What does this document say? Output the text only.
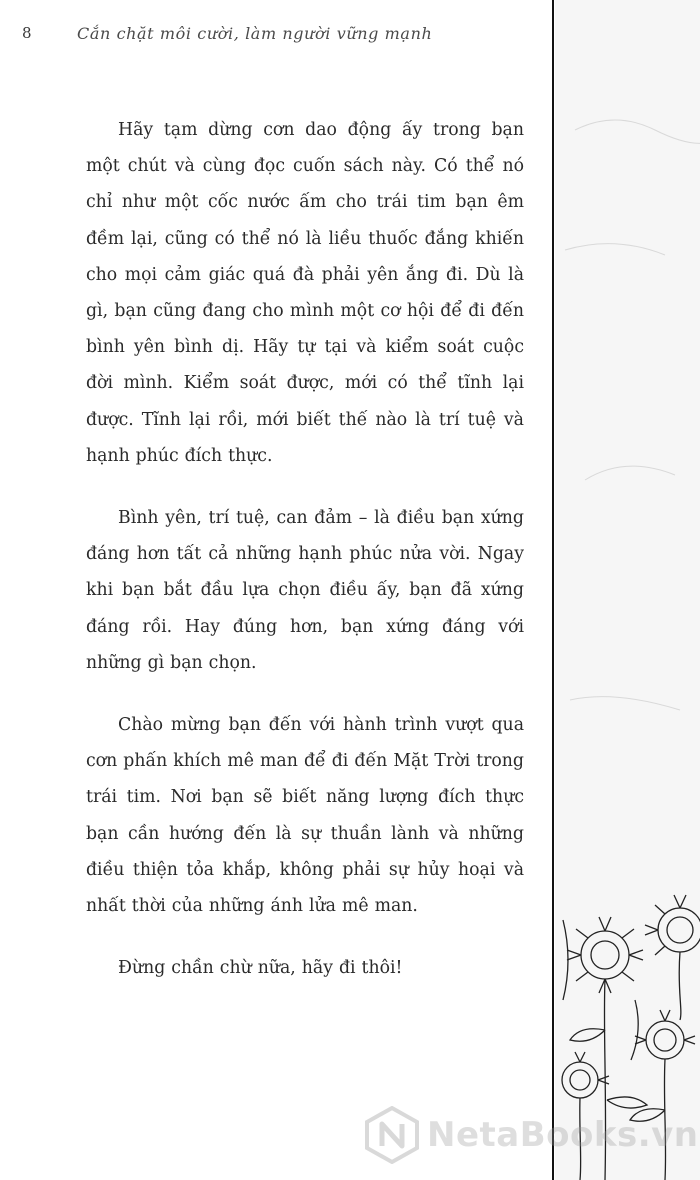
8	Cắn chặt môi cười, làm người vững mạnh

Hãy tạm dừng cơn dao động ấy trong bạn một chút và cùng đọc cuốn sách này. Có thể nó chỉ như một cốc nước ấm cho trái tim bạn êm đềm lại, cũng có thể nó là liều thuốc đắng khiến cho mọi cảm giác quá đà phải yên ắng đi. Dù là gì, bạn cũng đang cho mình một cơ hội để đi đến bình yên bình dị. Hãy tự tại và kiểm soát cuộc đời mình. Kiểm soát được, mới có thể tĩnh lại được. Tĩnh lại rồi, mới biết thế nào là trí tuệ và hạnh phúc đích thực.

Bình yên, trí tuệ, can đảm – là điều bạn xứng đáng hơn tất cả những hạnh phúc nửa vời. Ngay khi bạn bắt đầu lựa chọn điều ấy, bạn đã xứng đáng rồi. Hay đúng hơn, bạn xứng đáng với những gì bạn chọn.

Chào mừng bạn đến với hành trình vượt qua cơn phấn khích mê man để đi đến Mặt Trời trong trái tim. Nơi bạn sẽ biết năng lượng đích thực bạn cần hướng đến là sự thuần lành và những điều thiện tỏa khắp, không phải sự hủy hoại và nhất thời của những ánh lửa mê man.

Đừng chần chừ nữa, hãy đi thôi!

NetaBooks.vn
